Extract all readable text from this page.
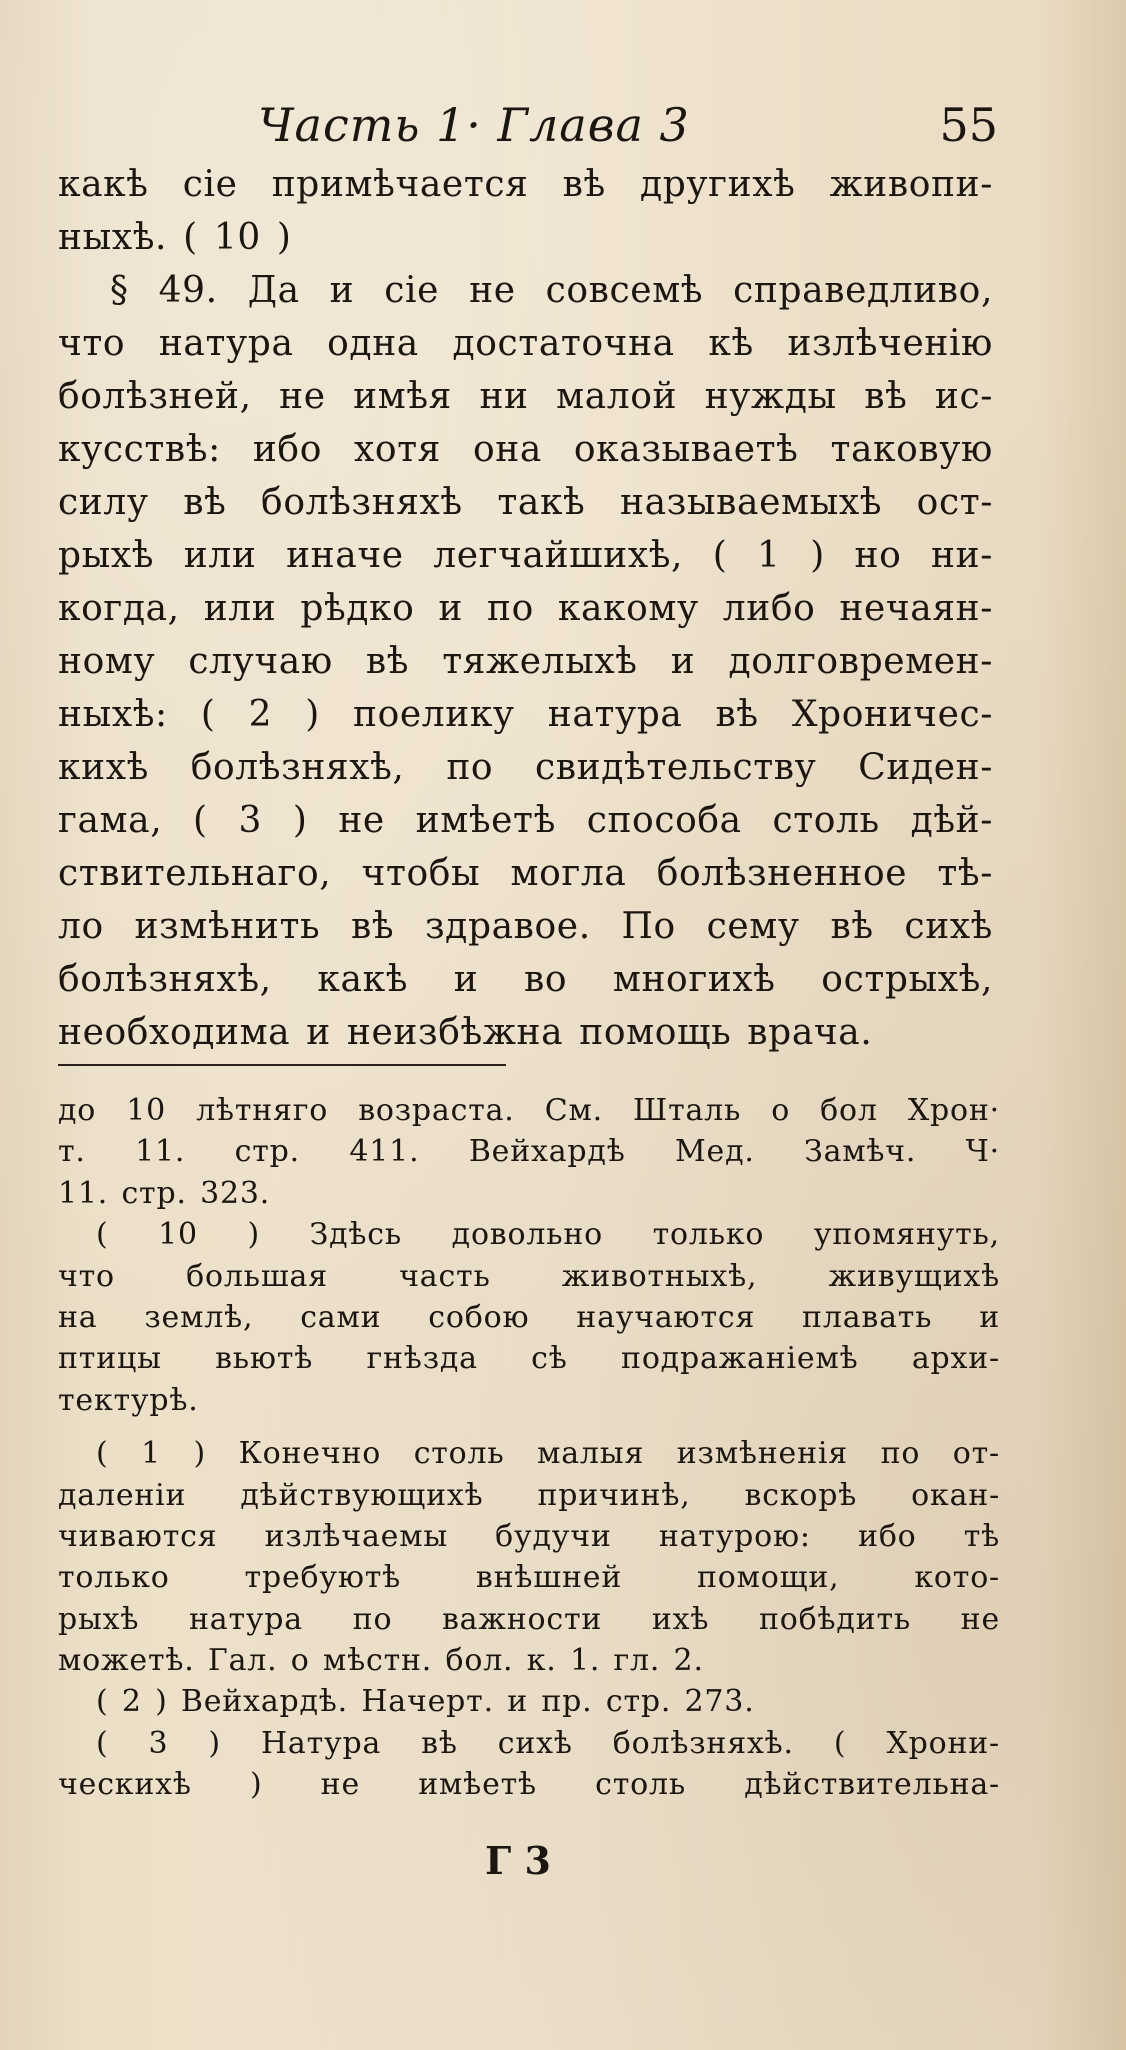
Часть 1· Глава 3	55
какѣ сіе примѣчается вѣ другихѣ живопи-
ныхѣ. ( 10 )
§ 49. Да и сіе не совсемѣ справедливо,
что натура одна достаточна кѣ излѣченію
болѣзней, не имѣя ни малой нужды вѣ ис-
кусствѣ: ибо хотя она оказываетѣ таковую
силу вѣ болѣзняхѣ такѣ называемыхѣ ост-
рыхѣ или иначе легчайшихѣ, ( 1 ) но ни-
когда, или рѣдко и по какому либо нечаян-
ному случаю вѣ тяжелыхѣ и долговремен-
ныхѣ: ( 2 ) поелику натура вѣ Хроничес-
кихѣ болѣзняхѣ, по свидѣтельству Сиден-
гама, ( 3 ) не имѣетѣ способа столь дѣй-
ствительнаго, чтобы могла болѣзненное тѣ-
ло измѣнить вѣ здравое. По сему вѣ сихѣ
болѣзняхѣ, какѣ и во многихѣ острыхѣ,
необходима и неизбѣжна помощь врача.
до 10 лѣтняго возраста. См. Шталь о бол Хрон·
т. 11. стр. 411. Вейхардѣ Мед. Замѣч. Ч·
11. стр. 323.
( 10 ) Здѣсь довольно только упомянуть,
что большая часть животныхѣ, живущихѣ
на землѣ, сами собою научаются плавать и
птицы вьютѣ гнѣзда сѣ подражаніемѣ архи-
тектурѣ.
( 1 ) Конечно столь малыя измѣненія по от-
даленіи дѣйствующихѣ причинѣ, вскорѣ окан-
чиваются излѣчаемы будучи натурою: ибо тѣ
только требуютѣ внѣшней помощи, кото-
рыхѣ натура по важности ихѣ побѣдить не
можетѣ. Гал. о мѣстн. бол. к. 1. гл. 2.
( 2 ) Вейхардѣ. Начерт. и пр. стр. 273.
( 3 ) Натура вѣ сихѣ болѣзняхѣ. ( Хрони-
ческихѣ ) не имѣетѣ столь дѣйствительна-
Г 3
